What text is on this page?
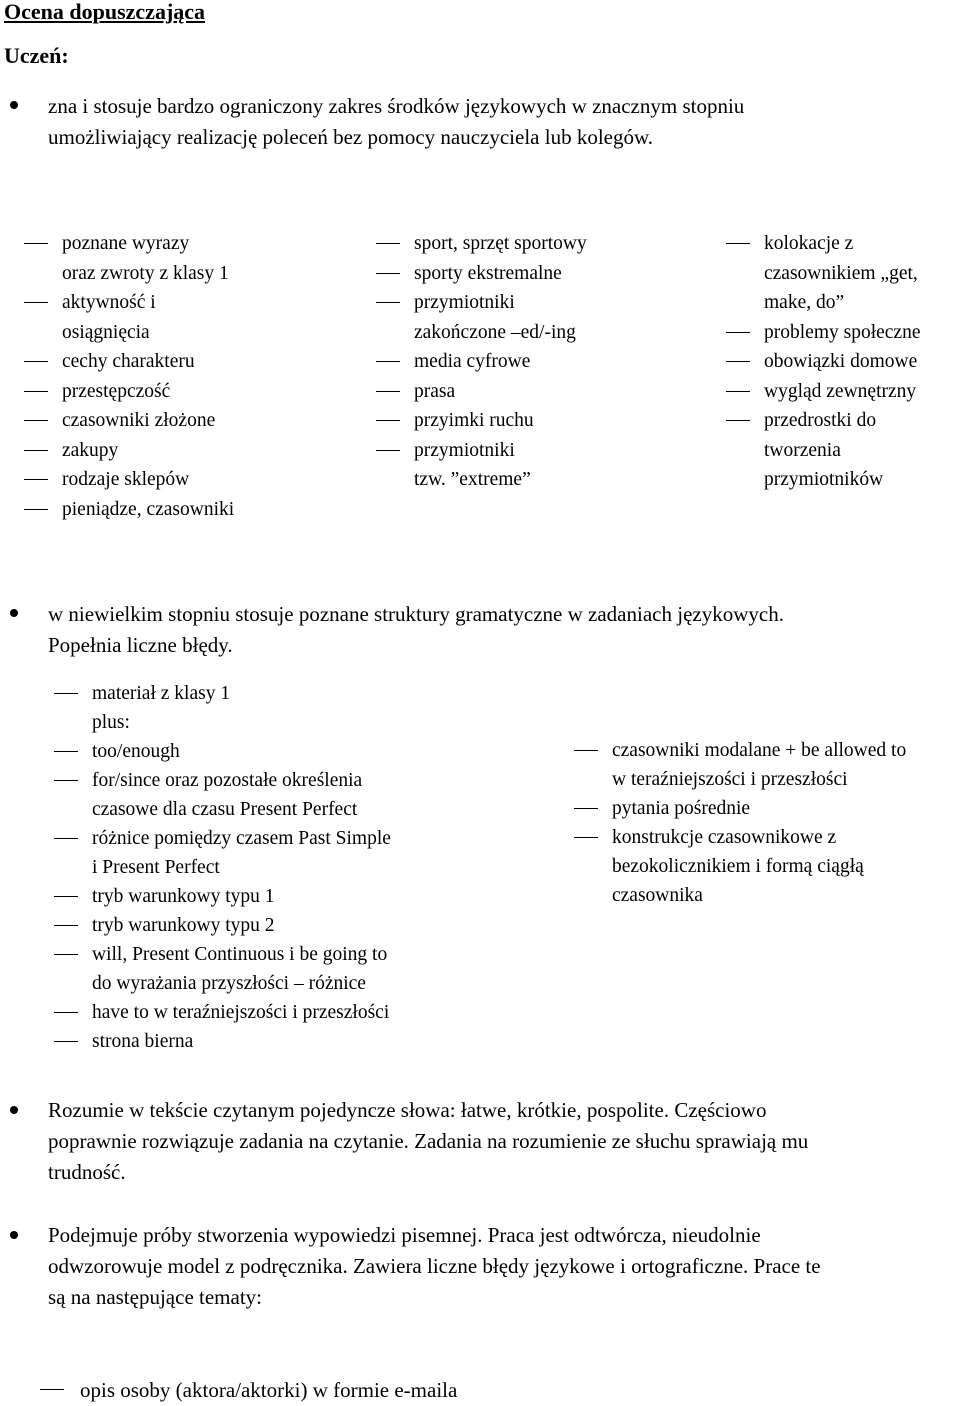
Ocena dopuszczająca
Uczeń:
zna i stosuje bardzo ograniczony zakres środków językowych w znacznym stopniu
umożliwiający realizację poleceń bez pomocy nauczyciela lub kolegów.
poznane wyrazy
oraz zwroty z klasy 1
aktywność i
osiągnięcia
cechy charakteru
przestępczość
czasowniki złożone
zakupy
rodzaje sklepów
pieniądze, czasowniki
sport, sprzęt sportowy
sporty ekstremalne
przymiotniki
zakończone –ed/-ing
media cyfrowe
prasa
przyimki ruchu
przymiotniki
tzw. ”extreme”
kolokacje z
czasownikiem „get,
make, do”
problemy społeczne
obowiązki domowe
wygląd zewnętrzny
przedrostki do
tworzenia
przymiotników
w niewielkim stopniu stosuje poznane struktury gramatyczne w zadaniach językowych.
Popełnia liczne błędy.
materiał z klasy 1
plus:
too/enough
for/since oraz pozostałe określenia
czasowe dla czasu Present Perfect
różnice pomiędzy czasem Past Simple
i Present Perfect
tryb warunkowy typu 1
tryb warunkowy typu 2
will, Present Continuous i be going to
do wyrażania przyszłości – różnice
have to w teraźniejszości i przeszłości
strona bierna
czasowniki modalane + be allowed to
w teraźniejszości i przeszłości
pytania pośrednie
konstrukcje czasownikowe z
bezokolicznikiem i formą ciągłą
czasownika
Rozumie w tekście czytanym pojedyncze słowa: łatwe, krótkie, pospolite. Częściowo
poprawnie rozwiązuje zadania na czytanie. Zadania na rozumienie ze słuchu sprawiają mu
trudność.
Podejmuje próby stworzenia wypowiedzi pisemnej. Praca jest odtwórcza, nieudolnie
odwzorowuje model z podręcznika. Zawiera liczne błędy językowe i ortograficzne. Prace te
są na następujące tematy:
opis osoby (aktora/aktorki) w formie e-maila
